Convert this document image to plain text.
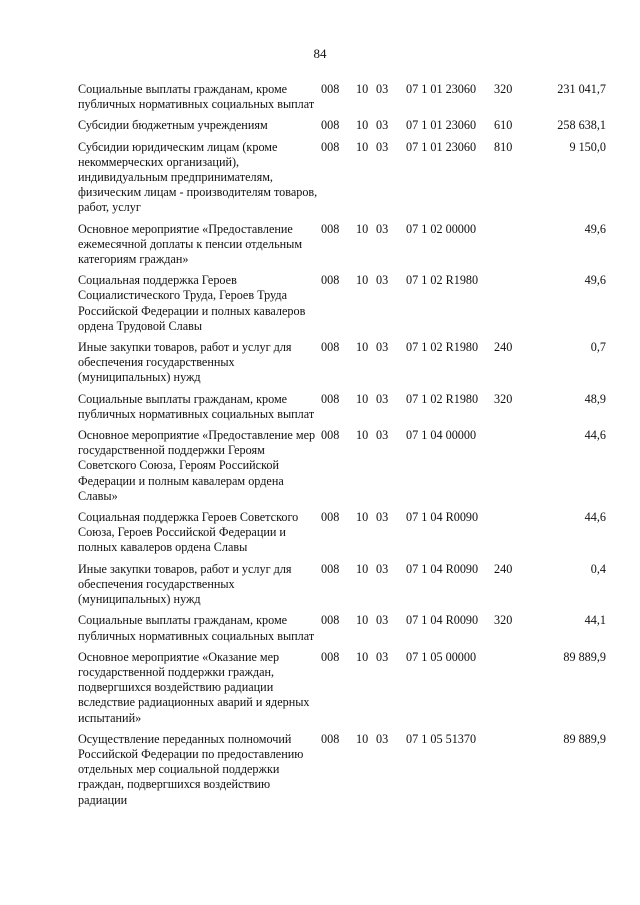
84
Социальные выплаты гражданам, кроме публичных нормативных социальных выплат	008	10	03	07 1 01 23060	320	231 041,7
Субсидии бюджетным учреждениям	008	10	03	07 1 01 23060	610	258 638,1
Субсидии юридическим лицам (кроме некоммерческих организаций), индивидуальным предпринимателям, физическим лицам - производителям товаров, работ, услуг	008	10	03	07 1 01 23060	810	9 150,0
Основное мероприятие «Предоставление ежемесячной доплаты к пенсии отдельным категориям граждан»	008	10	03	07 1 02 00000		49,6
Социальная поддержка Героев Социалистического Труда, Героев Труда Российской Федерации и полных кавалеров ордена Трудовой Славы	008	10	03	07 1 02 R1980		49,6
Иные закупки товаров, работ и услуг для обеспечения государственных (муниципальных) нужд	008	10	03	07 1 02 R1980	240	0,7
Социальные выплаты гражданам, кроме публичных нормативных социальных выплат	008	10	03	07 1 02 R1980	320	48,9
Основное мероприятие «Предоставление мер государственной поддержки Героям Советского Союза, Героям Российской Федерации и полным кавалерам ордена Славы»	008	10	03	07 1 04 00000		44,6
Социальная поддержка Героев Советского Союза, Героев Российской Федерации и полных кавалеров ордена Славы	008	10	03	07 1 04 R0090		44,6
Иные закупки товаров, работ и услуг для обеспечения государственных (муниципальных) нужд	008	10	03	07 1 04 R0090	240	0,4
Социальные выплаты гражданам, кроме публичных нормативных социальных выплат	008	10	03	07 1 04 R0090	320	44,1
Основное мероприятие «Оказание мер государственной поддержки граждан, подвергшихся воздействию радиации вследствие радиационных аварий и ядерных испытаний»	008	10	03	07 1 05 00000		89 889,9
Осуществление переданных полномочий Российской Федерации по предоставлению отдельных мер социальной поддержки граждан, подвергшихся воздействию радиации	008	10	03	07 1 05 51370		89 889,9
